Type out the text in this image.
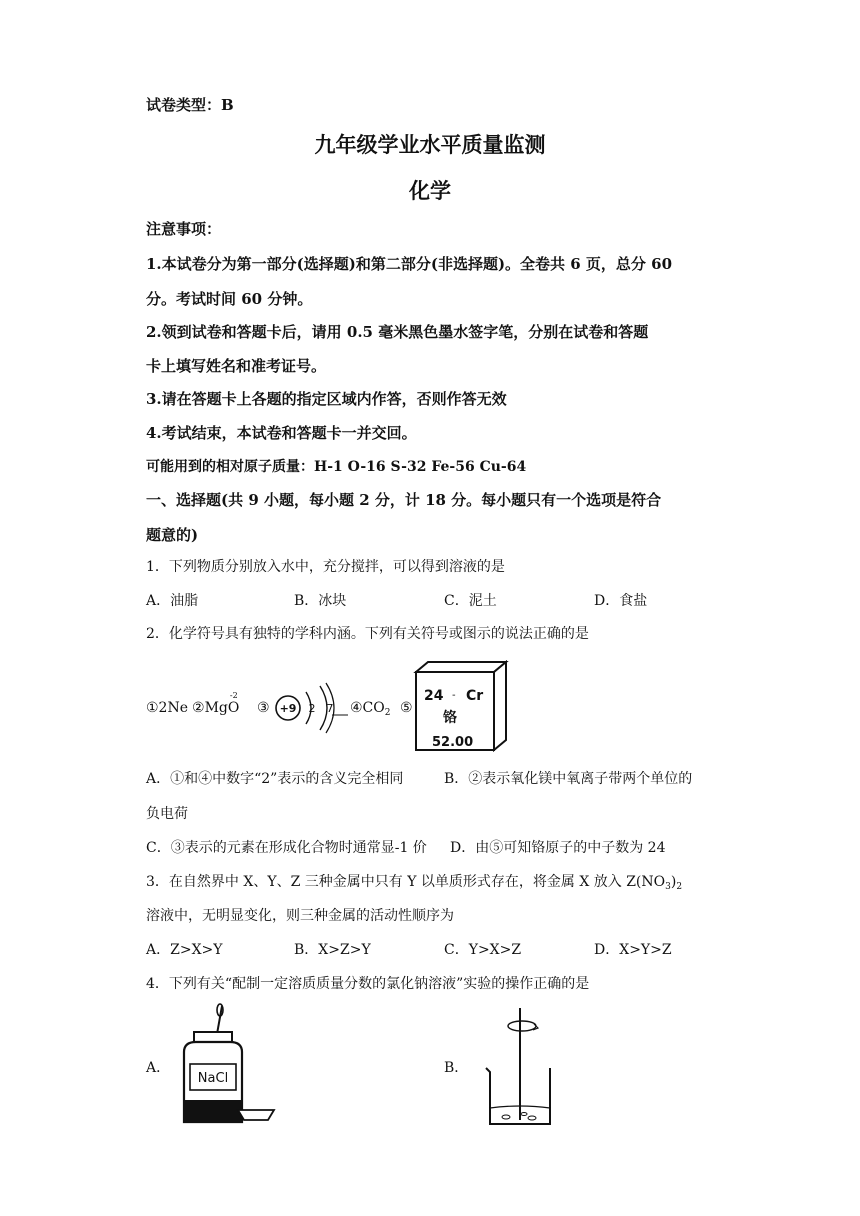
试卷类型：B
九年级学业水平质量监测
化学
注意事项：
1.本试卷分为第一部分(选择题)和第二部分(非选择题)。全卷共 6 页，总分 60
分。考试时间 60 分钟。
2.领到试卷和答题卡后，请用 0.5 毫米黑色墨水签字笔，分别在试卷和答题
卡上填写姓名和准考证号。
3.请在答题卡上各题的指定区域内作答，否则作答无效
4.考试结束，本试卷和答题卡一并交回。
可能用到的相对原子质量：H-1 O-16 S-32 Fe-56 Cu-64
一、选择题(共 9 小题，每小题 2 分，计 18 分。每小题只有一个选项是符合
题意的)
1．下列物质分别放入水中，充分搅拌，可以得到溶液的是
A．油脂	B．冰块	C．泥土	D．食盐
2．化学符号具有独特的学科内涵。下列有关符号或图示的说法正确的是
①2Ne ②Mg
-2
O ③ +9 2 7 $④CO_2$ ⑤
24 - Cr
铬
52.00
A．①和④中数字“2”表示的含义完全相同	B．②表示氧化镁中氧离子带两个单位的
负电荷
C．③表示的元素在形成化合物时通常显-1 价 D．由⑤可知铬原子的中子数为 24
3．在自然界中 X、Y、Z 三种金属中只有 Y 以单质形式存在，将金属 X 放入 $Z(NO_3)_2$
溶液中，无明显变化，则三种金属的活动性顺序为
A．Z>X>Y	B．X>Z>Y	C．Y>X>Z	D．X>Y>Z
4．下列有关“配制一定溶质质量分数的氯化钠溶液”实验的操作正确的是
A．
NaCl
B．
